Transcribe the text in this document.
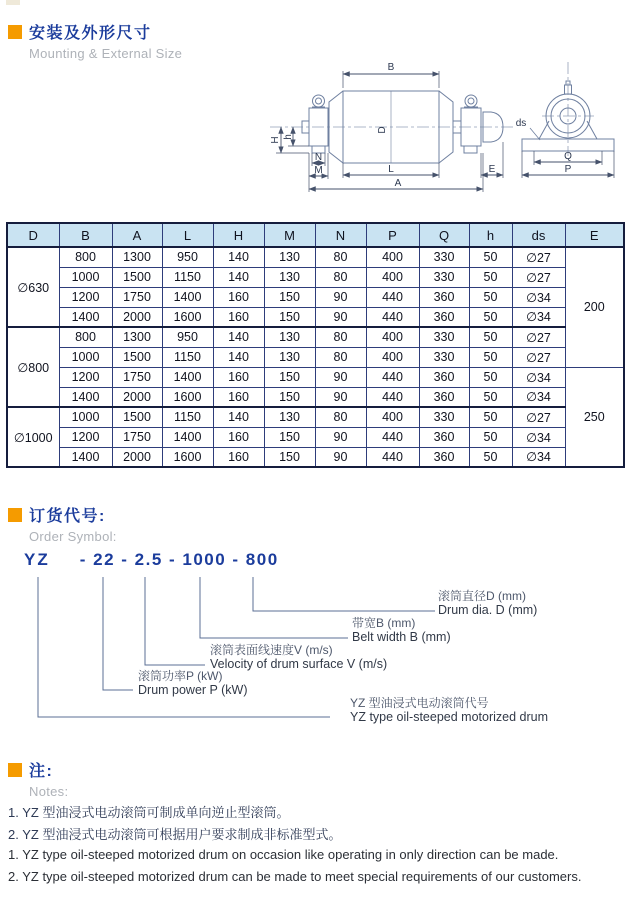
安装及外形尺寸
Mounting & External Size
B
D
H h
N
M	L
A
E
ds
Q
P
D	B	A	L	H	M	N	P	Q	h	ds	E
∅630	800	1300	950	140	130	80	400	330	50	∅27	200
	1000	1500	1150	140	130	80	400	330	50	∅27	
	1200	1750	1400	160	150	90	440	360	50	∅34	
	1400	2000	1600	160	150	90	440	360	50	∅34	
∅800	800	1300	950	140	130	80	400	330	50	∅27	
	1000	1500	1150	140	130	80	400	330	50	∅27	
	1200	1750	1400	160	150	90	440	360	50	∅34	250
	1400	2000	1600	160	150	90	440	360	50	∅34	
∅1000	1000	1500	1150	140	130	80	400	330	50	∅27	
	1200	1750	1400	160	150	90	440	360	50	∅34	
	1400	2000	1600	160	150	90	440	360	50	∅34	
订货代号:
Order Symbol:
YZ - 22 - 2.5 - 1000 - 800
滚筒直径D (mm)
Drum dia. D (mm)
带宽B (mm)
Belt width B (mm)
滚筒表面线速度V (m/s)
Velocity of drum surface V (m/s)
滚筒功率P (kW)
Drum power P (kW)
YZ 型油浸式电动滚筒代号
YZ type oil-steeped motorized drum
注:
Notes:
1. YZ 型油浸式电动滚筒可制成单向逆止型滚筒。
2. YZ 型油浸式电动滚筒可根据用户要求制成非标准型式。
1. YZ type oil-steeped motorized drum on occasion like operating in only direction can be made.
2. YZ type oil-steeped motorized drum can be made to meet special requirements of our customers.
